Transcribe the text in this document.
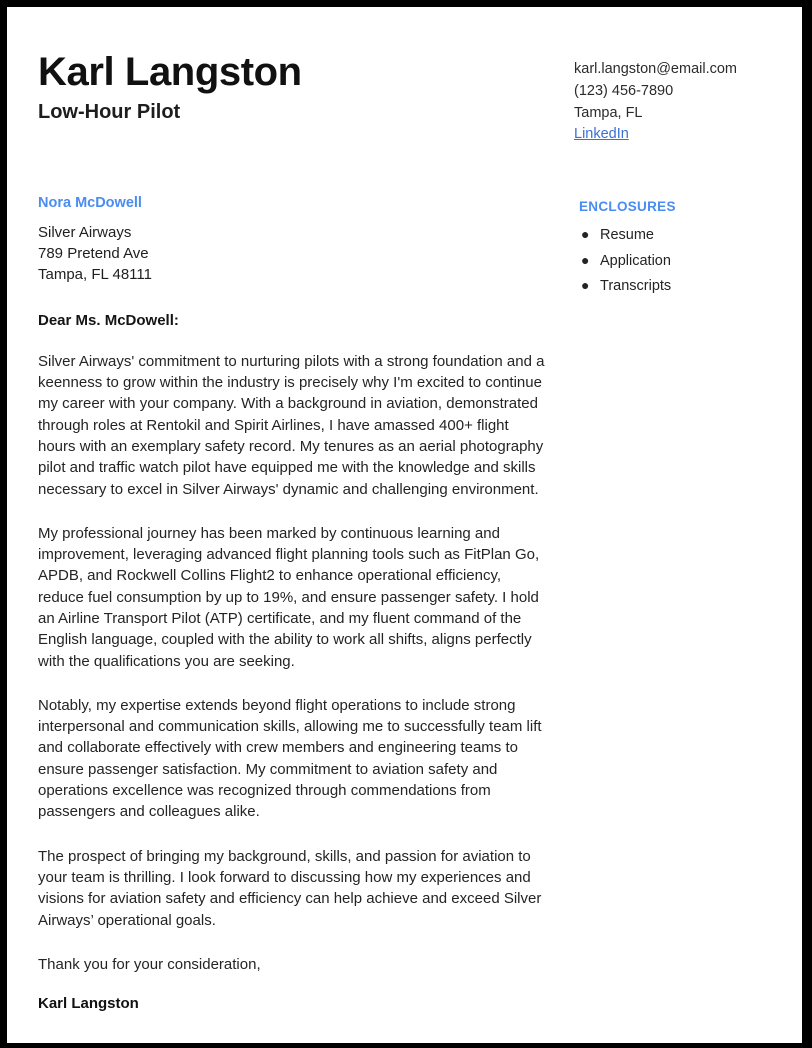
Karl Langston
Low-Hour Pilot
karl.langston@email.com
(123) 456-7890
Tampa, FL
LinkedIn
Nora McDowell
Silver Airways
789 Pretend Ave
Tampa, FL 48111
Dear Ms. McDowell:

Silver Airways' commitment to nurturing pilots with a strong foundation and a keenness to grow within the industry is precisely why I'm excited to continue my career with your company. With a background in aviation, demonstrated through roles at Rentokil and Spirit Airlines, I have amassed 400+ flight hours with an exemplary safety record. My tenures as an aerial photography pilot and traffic watch pilot have equipped me with the knowledge and skills necessary to excel in Silver Airways' dynamic and challenging environment.

My professional journey has been marked by continuous learning and improvement, leveraging advanced flight planning tools such as FitPlan Go, APDB, and Rockwell Collins Flight2 to enhance operational efficiency, reduce fuel consumption by up to 19%, and ensure passenger safety. I hold an Airline Transport Pilot (ATP) certificate, and my fluent command of the English language, coupled with the ability to work all shifts, aligns perfectly with the qualifications you are seeking.

Notably, my expertise extends beyond flight operations to include strong interpersonal and communication skills, allowing me to successfully team lift and collaborate effectively with crew members and engineering teams to ensure passenger satisfaction. My commitment to aviation safety and operations excellence was recognized through commendations from passengers and colleagues alike.

The prospect of bringing my background, skills, and passion for aviation to your team is thrilling. I look forward to discussing how my experiences and visions for aviation safety and efficiency can help achieve and exceed Silver Airways’ operational goals.

Thank you for your consideration,
Karl Langston
ENCLOSURES
● Resume
● Application
● Transcripts
